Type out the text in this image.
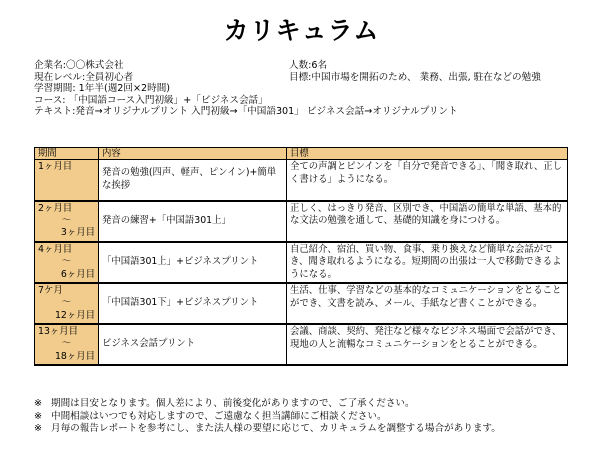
カリキュラム
企業名:〇〇株式会社
現在レベル:全員初心者
学習期間: 1年半(週2回×2時間)
コース: 「中国語コース入門初級」+「ビジネス会話」
テキスト:発音→オリジナルプリント 入門初級→「中国語301」 ビジネス会話→オリジナルプリント
人数:6名
目標:中国市場を開拓のため、 業務、出張, 駐在などの勉強
期間	内容	目標

1ヶ月目	発音の勉強(四声、軽声、ピンイン)+簡単な挨拶	全ての声調とピンインを「自分で発音できる」、「聞き取れ、正しく書ける」ようになる。

2ヶ月目
〜
3ヶ月目	発音の練習+「中国語301上」	正しく、はっきり発音、区別でき、中国語の簡単な単語、基本的な文法の勉強を通して、基礎的知識を身につける。

4ヶ月目
〜
6ヶ月目	「中国語301上」+ビジネスプリント	自己紹介、宿泊、買い物、食事、乗り換えなど簡単な会話ができ、聞き取れるようになる。短期間の出張は一人で移動できるようになる。

7ケ月
〜
12ヶ月目	「中国語301下」+ビジネスプリント	生活、仕事、学習などの基本的なコミュニケーションをとることができ、文書を読み、メール、手紙など書くことができる。

13ヶ月目
〜
18ヶ月目	ビジネス会話プリント	会議、商談、契約、発注など様々なビジネス場面で会話ができ、現地の人と流暢なコミュニケーションをとることができる。
※ 期間は目安となります。個人差により、前後変化がありますので、ご了承ください。
※ 中間相談はいつでも対応しますので、ご遠慮なく担当講師にご相談ください。
※ 月毎の報告レポートを参考にし、また法人様の要望に応じて、カリキュラムを調整する場合があります。
